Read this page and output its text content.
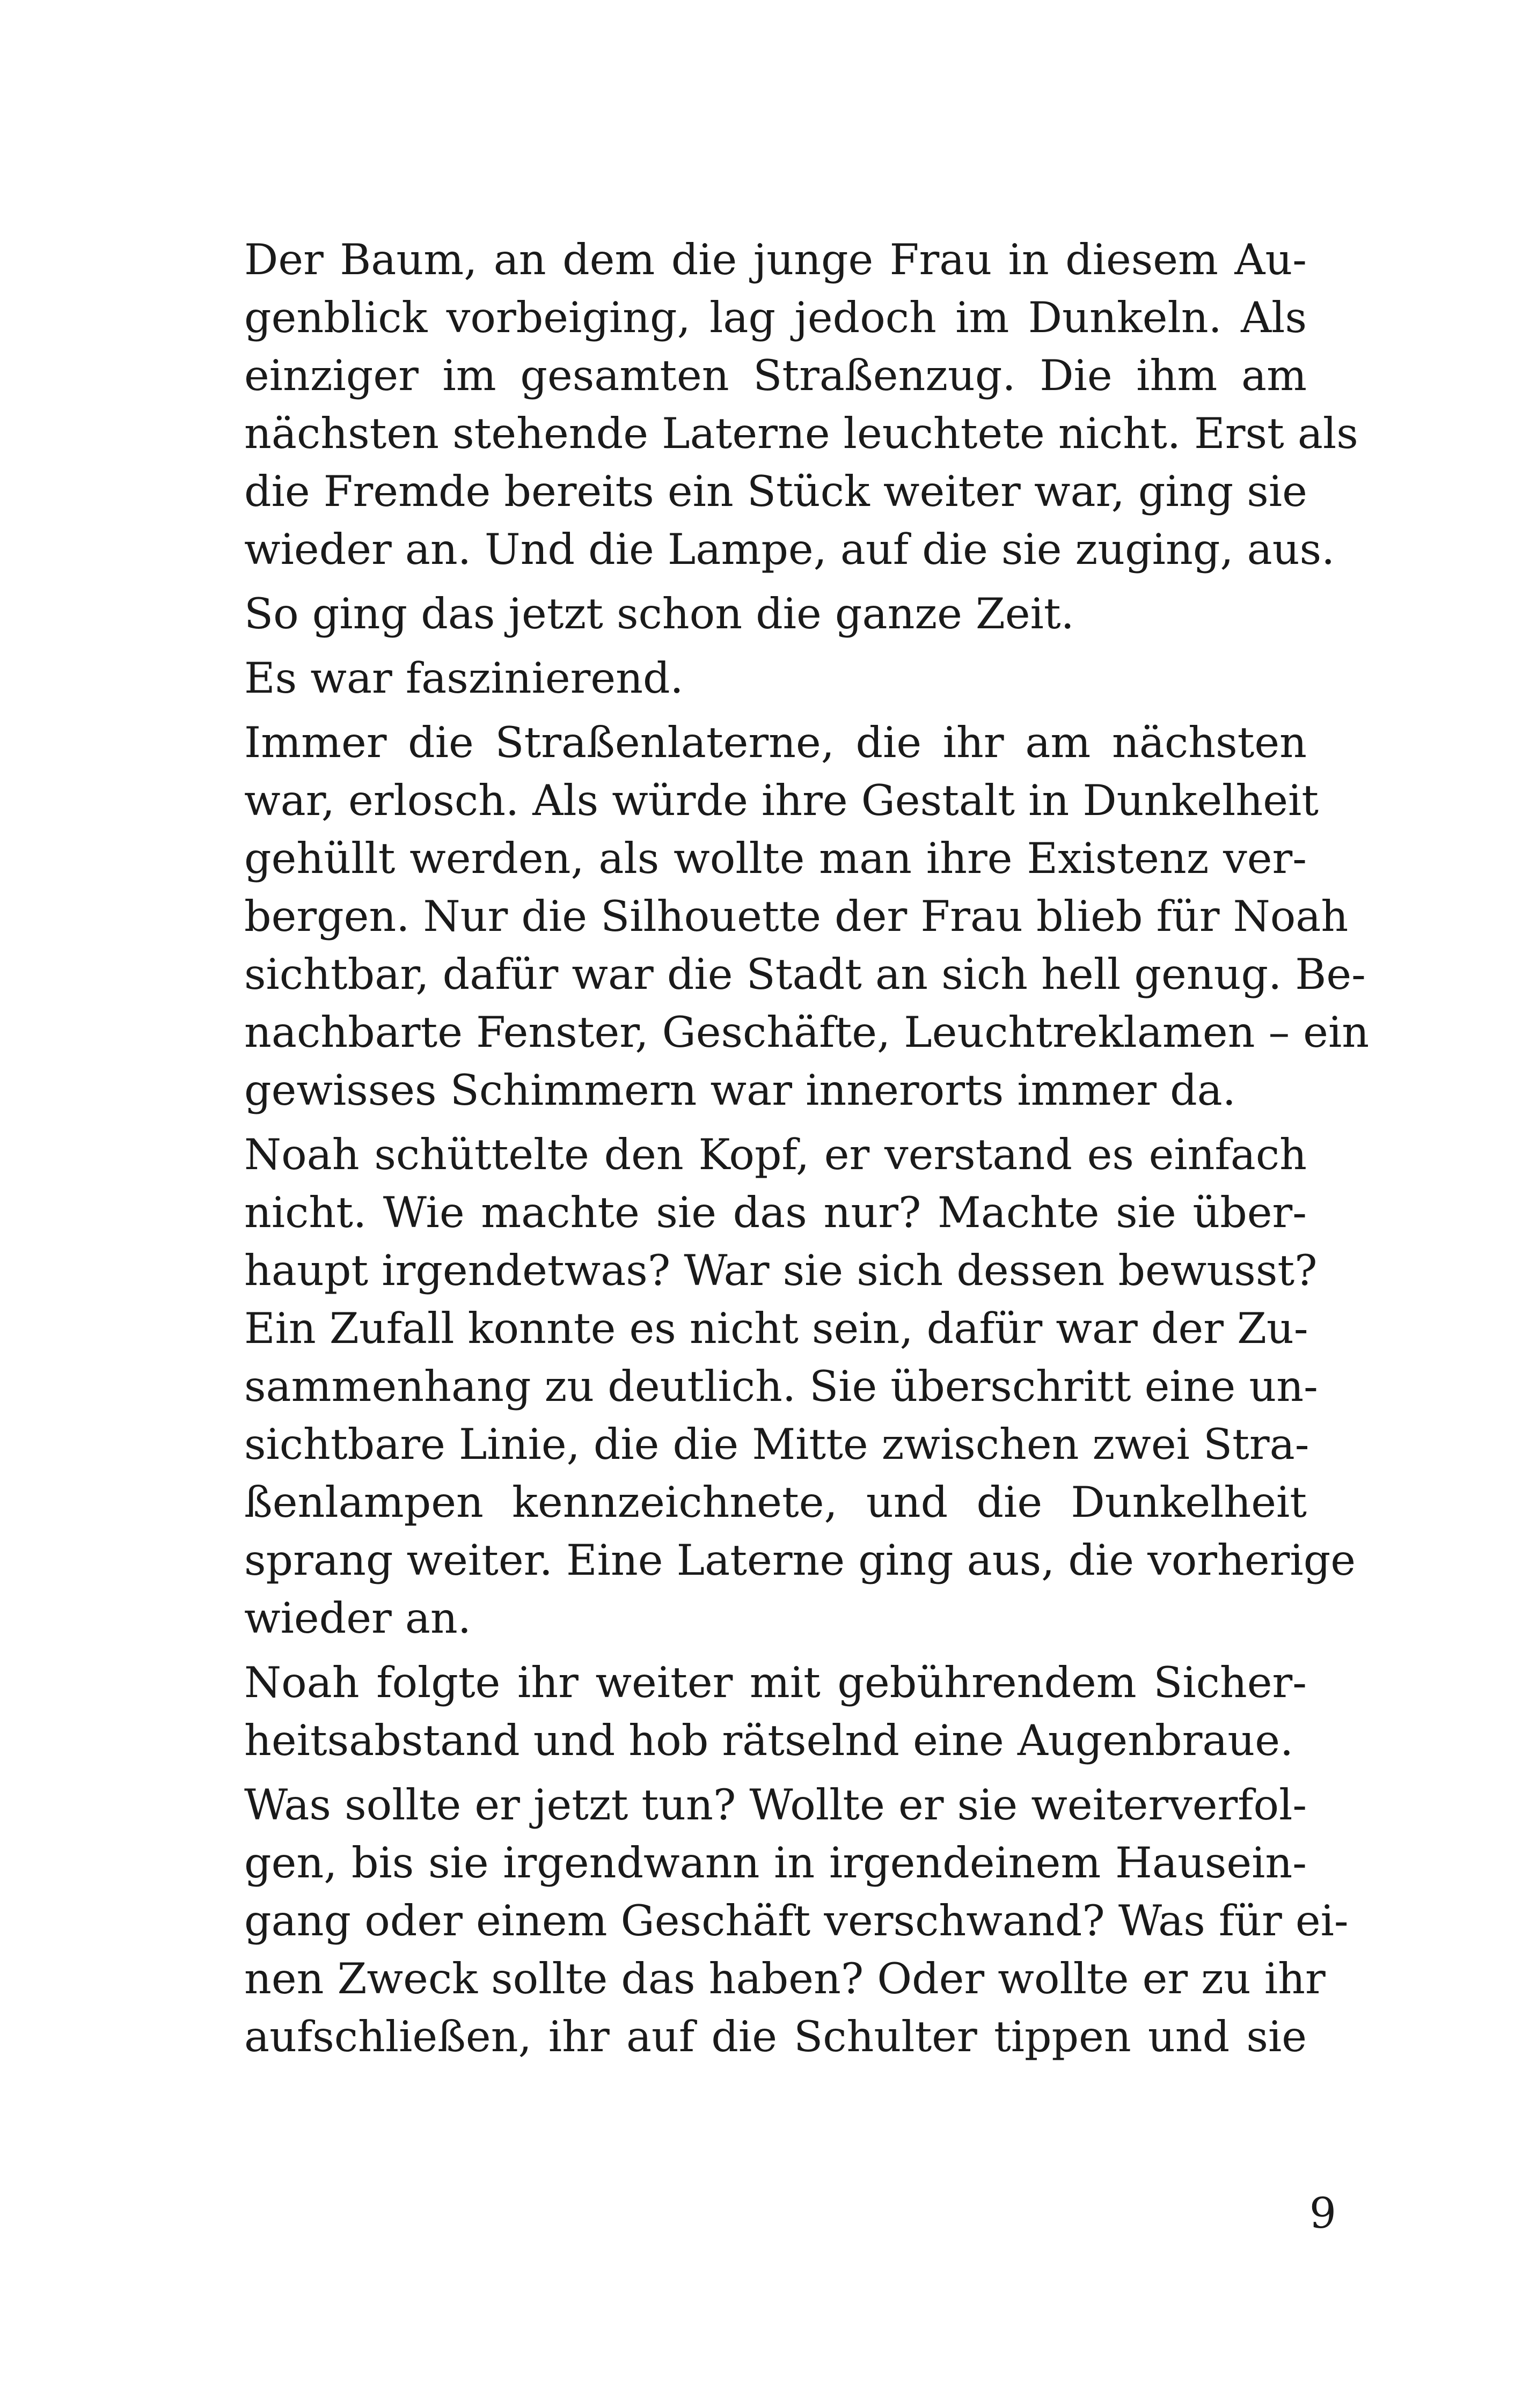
Der Baum, an dem die junge Frau in diesem Au-
genblick vorbeiging, lag jedoch im Dunkeln. Als
einziger im gesamten Straßenzug. Die ihm am
nächsten stehende Laterne leuchtete nicht. Erst als
die Fremde bereits ein Stück weiter war, ging sie
wieder an. Und die Lampe, auf die sie zuging, aus.
So ging das jetzt schon die ganze Zeit.
Es war faszinierend.
Immer die Straßenlaterne, die ihr am nächsten
war, erlosch. Als würde ihre Gestalt in Dunkelheit
gehüllt werden, als wollte man ihre Existenz ver-
bergen. Nur die Silhouette der Frau blieb für Noah
sichtbar, dafür war die Stadt an sich hell genug. Be-
nachbarte Fenster, Geschäfte, Leuchtreklamen – ein
gewisses Schimmern war innerorts immer da.
Noah schüttelte den Kopf, er verstand es einfach
nicht. Wie machte sie das nur? Machte sie über-
haupt irgendetwas? War sie sich dessen bewusst?
Ein Zufall konnte es nicht sein, dafür war der Zu-
sammenhang zu deutlich. Sie überschritt eine un-
sichtbare Linie, die die Mitte zwischen zwei Stra-
ßenlampen kennzeichnete, und die Dunkelheit
sprang weiter. Eine Laterne ging aus, die vorherige
wieder an.
Noah folgte ihr weiter mit gebührendem Sicher-
heitsabstand und hob rätselnd eine Augenbraue.
Was sollte er jetzt tun? Wollte er sie weiterverfol-
gen, bis sie irgendwann in irgendeinem Hausein-
gang oder einem Geschäft verschwand? Was für ei-
nen Zweck sollte das haben? Oder wollte er zu ihr
aufschließen, ihr auf die Schulter tippen und sie
9
